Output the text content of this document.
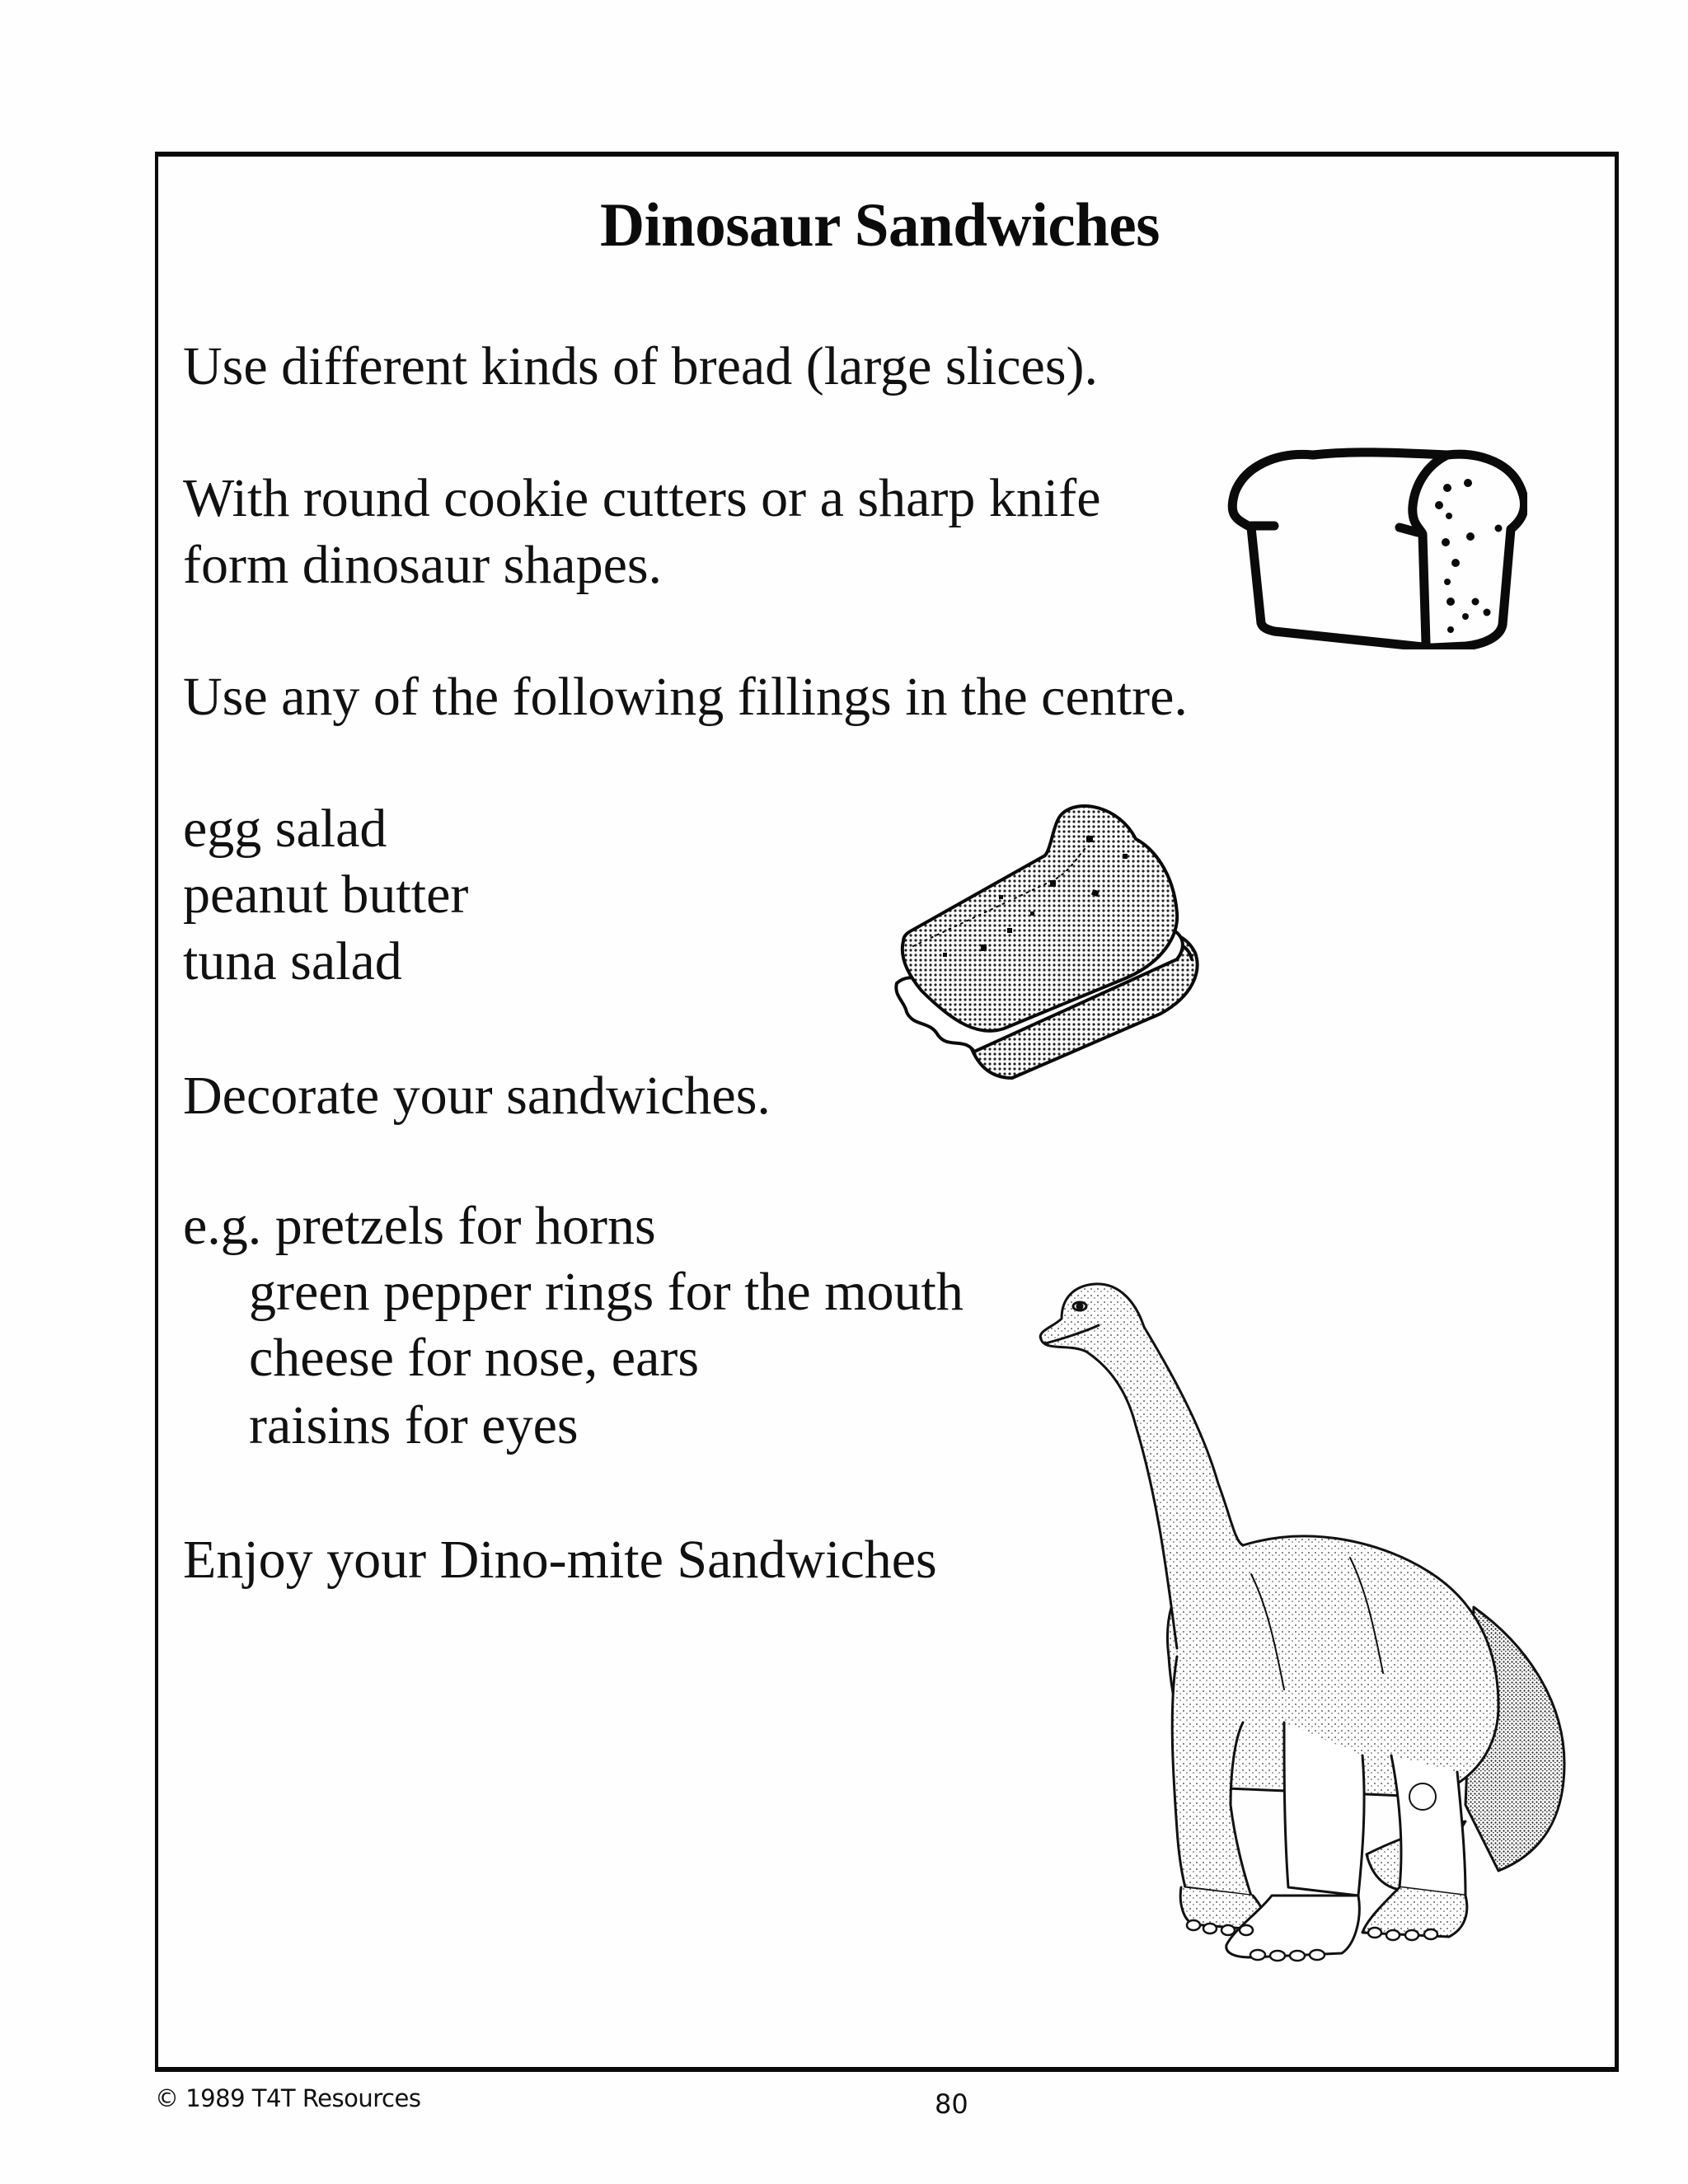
Dinosaur Sandwiches
Use different kinds of bread (large slices).
With round cookie cutters or a sharp knife
form dinosaur shapes.
Use any of the following fillings in the centre.
egg salad
peanut butter
tuna salad
Decorate your sandwiches.
e.g. pretzels for horns
green pepper rings for the mouth
cheese for nose, ears
raisins for eyes
Enjoy your Dino-mite Sandwiches
© 1989 T4T Resources	80
